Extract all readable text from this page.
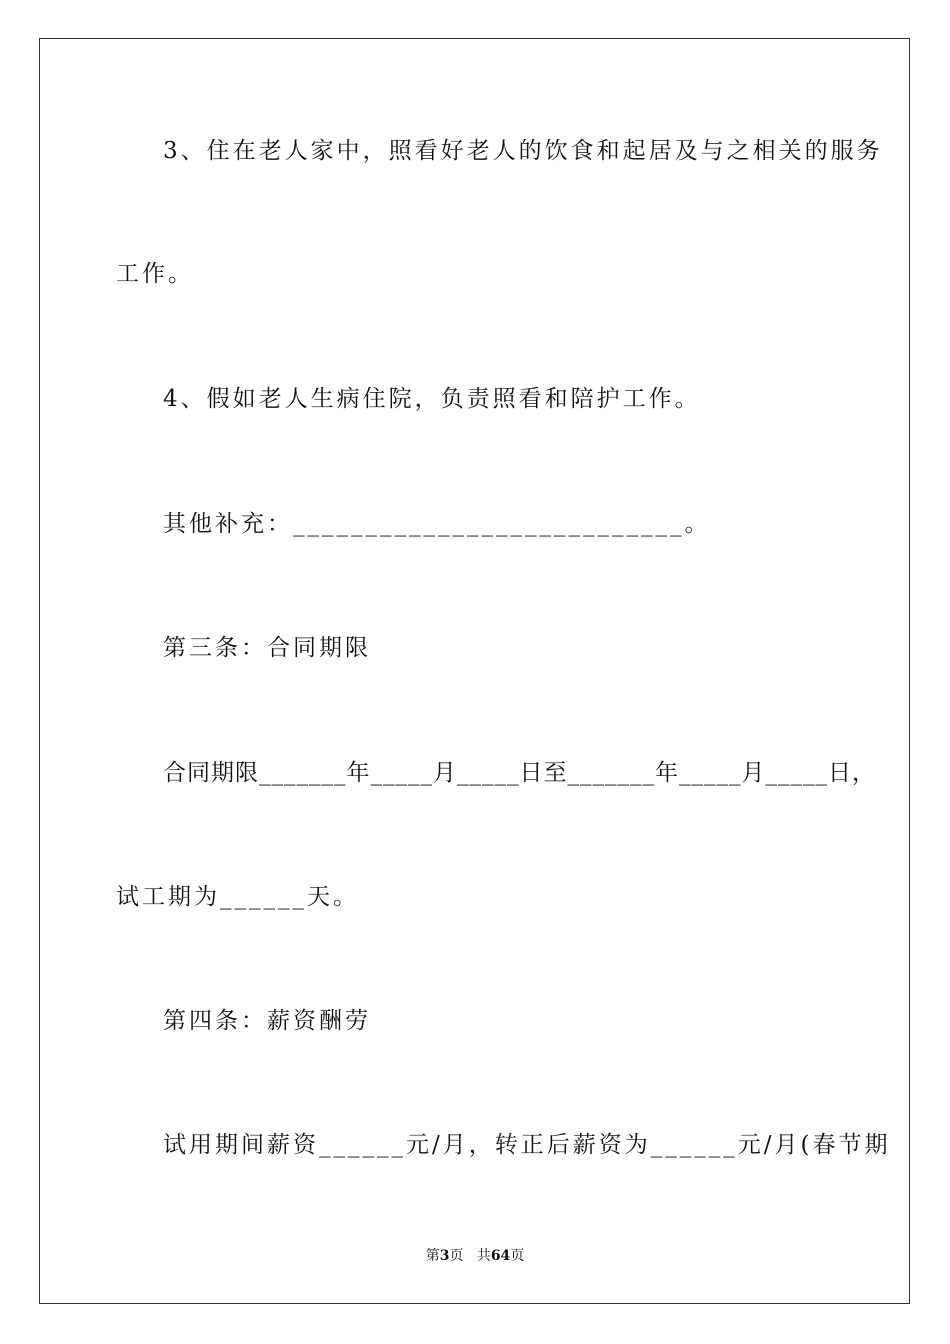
3、住在老人家中，照看好老人的饮食和起居及与之相关的服务
工作。
4、假如老人生病住院，负责照看和陪护工作。
其他补充：___________________________。
第三条：合同期限
合同期限_______年_____月_____日至_______年_____月_____日，
试工期为______天。
第四条：薪资酬劳
试用期间薪资______元/月，转正后薪资为______元/月(春节期
第3页 共64页
